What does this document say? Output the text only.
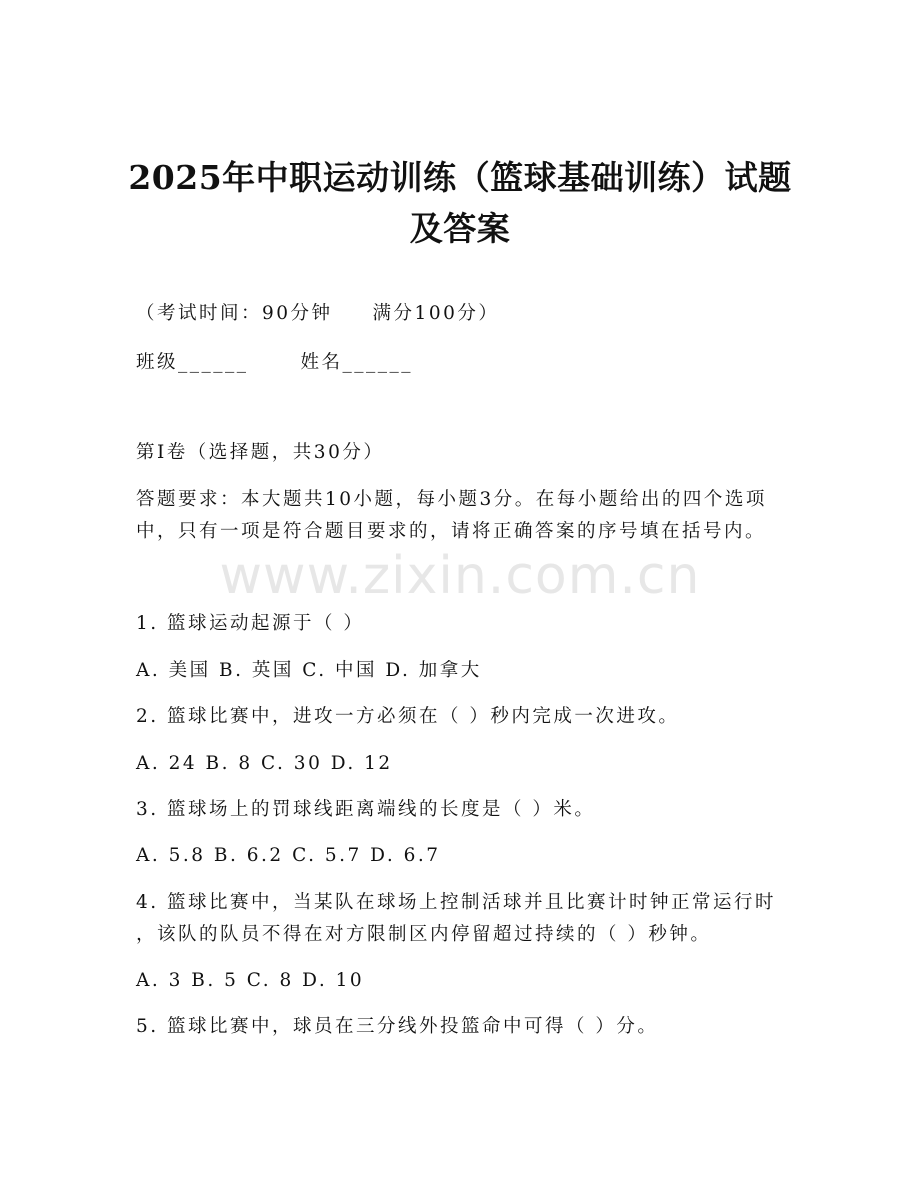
2025年中职运动训练（篮球基础训练）试题
及答案
（考试时间：90分钟 满分100分）
班级______	姓名______
第Ⅰ卷（选择题，共30分）
答题要求：本大题共10小题，每小题3分。在每小题给出的四个选项
中，只有一项是符合题目要求的，请将正确答案的序号填在括号内。
www.zixin.com.cn
1. 篮球运动起源于（ ）
A. 美国 B. 英国 C. 中国 D. 加拿大
2. 篮球比赛中，进攻一方必须在（ ）秒内完成一次进攻。
A. 24 B. 8 C. 30 D. 12
3. 篮球场上的罚球线距离端线的长度是（ ）米。
A. 5.8 B. 6.2 C. 5.7 D. 6.7
4. 篮球比赛中，当某队在球场上控制活球并且比赛计时钟正常运行时
，该队的队员不得在对方限制区内停留超过持续的（ ）秒钟。
A. 3 B. 5 C. 8 D. 10
5. 篮球比赛中，球员在三分线外投篮命中可得（ ）分。
